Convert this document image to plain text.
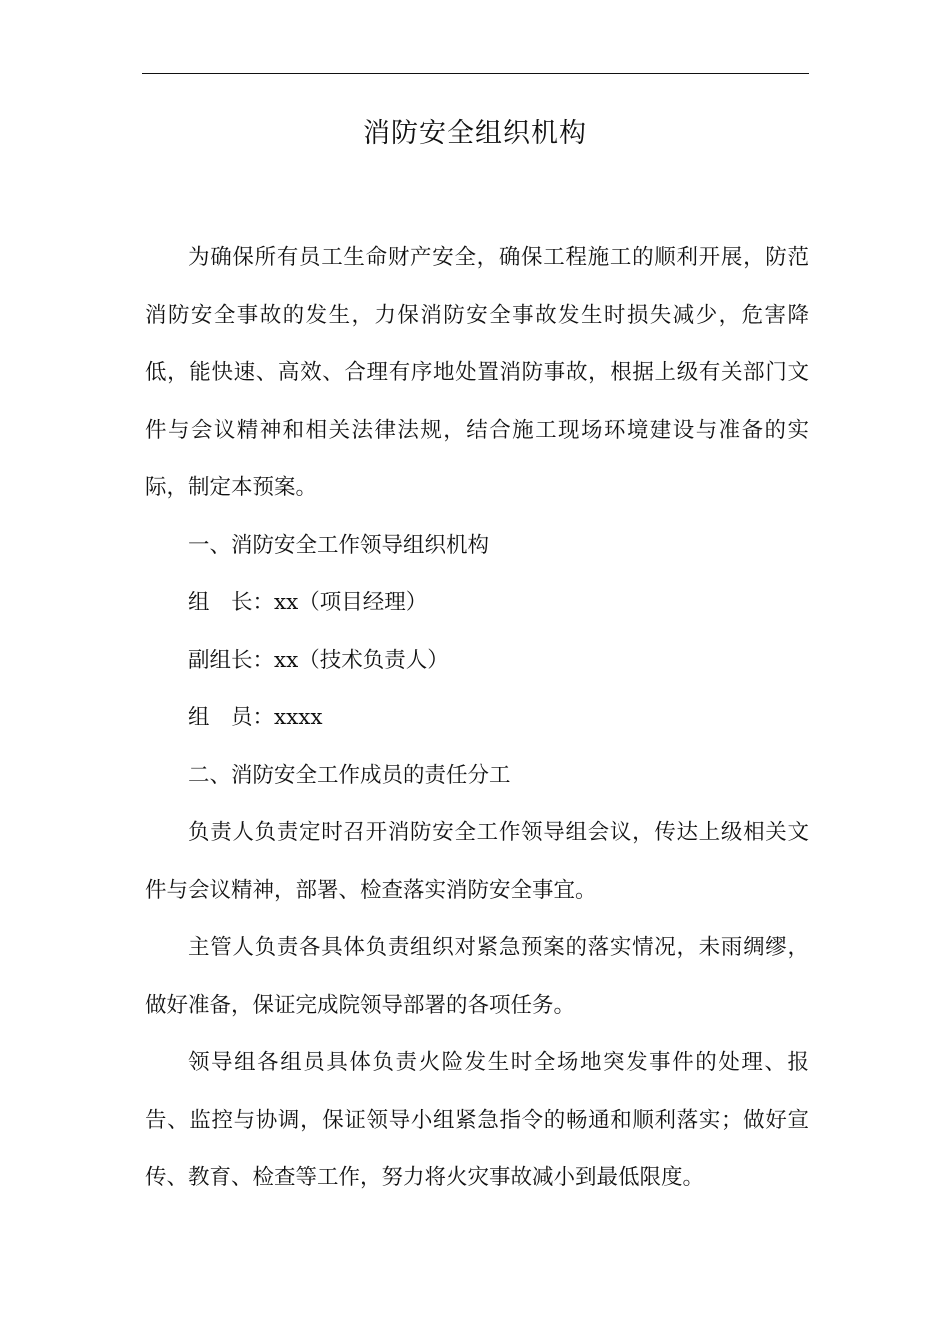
消防安全组织机构

为确保所有员工生命财产安全，确保工程施工的顺利开展，防范消防安全事故的发生，力保消防安全事故发生时损失减少，危害降低，能快速、高效、合理有序地处置消防事故，根据上级有关部门文件与会议精神和相关法律法规，结合施工现场环境建设与准备的实际，制定本预案。

一、消防安全工作领导组织机构

组　长：xx（项目经理）

副组长：xx（技术负责人）

组　员：xxxx

二、消防安全工作成员的责任分工

负责人负责定时召开消防安全工作领导组会议，传达上级相关文件与会议精神，部署、检查落实消防安全事宜。

主管人负责各具体负责组织对紧急预案的落实情况，未雨绸缪，做好准备，保证完成院领导部署的各项任务。

领导组各组员具体负责火险发生时全场地突发事件的处理、报告、监控与协调，保证领导小组紧急指令的畅通和顺利落实；做好宣传、教育、检查等工作，努力将火灾事故减小到最低限度。
